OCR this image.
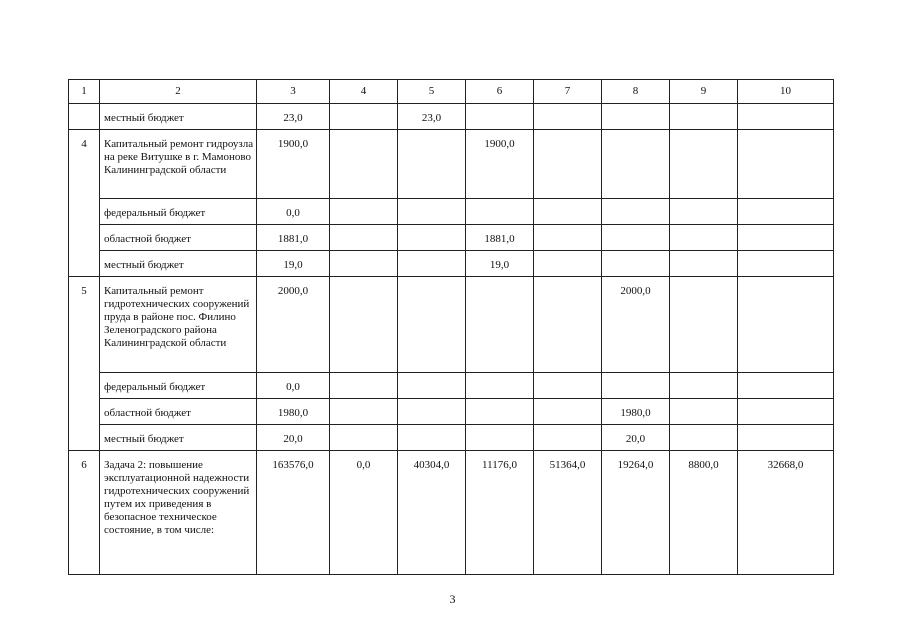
1	2	3	4	5	6	7	8	9	10
	местный бюджет	23,0		23,0					
4	Капитальный ремонт гидроузла на реке Витушке в г. Мамоново Калининградской области	1900,0			1900,0				
	федеральный бюджет	0,0							
	областной бюджет	1881,0			1881,0				
	местный бюджет	19,0			19,0				
5	Капитальный ремонт гидротехнических сооружений пруда в районе пос. Филино Зеленоградского района Калининградской области	2000,0					2000,0		
	федеральный бюджет	0,0							
	областной бюджет	1980,0					1980,0		
	местный бюджет	20,0					20,0		
6	Задача 2: повышение эксплуатационной надежности гидротехнических сооружений путем их приведения в безопасное техническое состояние, в том числе:	163576,0	0,0	40304,0	11176,0	51364,0	19264,0	8800,0	32668,0
3
